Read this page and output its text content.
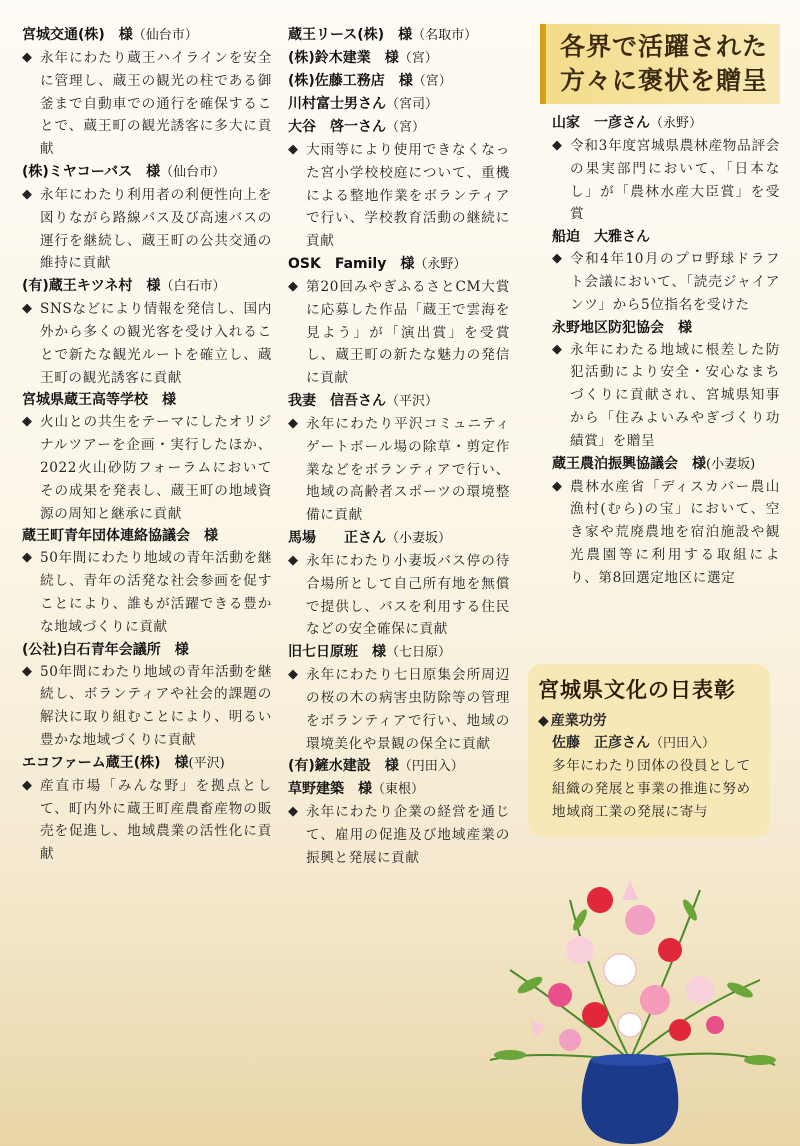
宮城交通(株)　様（仙台市）
◆ 永年にわたり蔵王ハイラインを安全に管理し、蔵王の観光の柱である御釜まで自動車での通行を確保することで、蔵王町の観光誘客に多大に貢献
(株)ミヤコーバス　様（仙台市）
◆ 永年にわたり利用者の利便性向上を図りながら路線バス及び高速バスの運行を継続し、蔵王町の公共交通の維持に貢献
(有)蔵王キツネ村　様（白石市）
◆ SNSなどにより情報を発信し、国内外から多くの観光客を受け入れることで新たな観光ルートを確立し、蔵王町の観光誘客に貢献
宮城県蔵王高等学校　様
◆ 火山との共生をテーマにしたオリジナルツアーを企画・実行したほか、2022火山砂防フォーラムにおいてその成果を発表し、蔵王町の地域資源の周知と継承に貢献
蔵王町青年団体連絡協議会　様
◆ 50年間にわたり地域の青年活動を継続し、青年の活発な社会参画を促すことにより、誰もが活躍できる豊かな地域づくりに貢献
(公社)白石青年会議所　様
◆ 50年間にわたり地域の青年活動を継続し、ボランティアや社会的課題の解決に取り組むことにより、明るい豊かな地域づくりに貢献
エコファーム蔵王(株)　様(平沢)
◆ 産直市場「みんな野」を拠点として、町内外に蔵王町産農畜産物の販売を促進し、地域農業の活性化に貢献
蔵王リース(株)　様（名取市）
(株)鈴木建業　様（宮）
(株)佐藤工務店　様（宮）
川村富士男さん（宮司）
大谷　啓一さん（宮）
◆ 大雨等により使用できなくなった宮小学校校庭について、重機による整地作業をボランティアで行い、学校教育活動の継続に貢献
OSK　Family　様（永野）
◆ 第20回みやぎふるさとCM大賞に応募した作品「蔵王で雲海を見よう」が「演出賞」を受賞し、蔵王町の新たな魅力の発信に貢献
我妻　信吾さん（平沢）
◆ 永年にわたり平沢コミュニティゲートボール場の除草・剪定作業などをボランティアで行い、地域の高齢者スポーツの環境整備に貢献
馬場　　正さん（小妻坂）
◆ 永年にわたり小妻坂バス停の待合場所として自己所有地を無償で提供し、バスを利用する住民などの安全確保に貢献
旧七日原班　様（七日原）
◆ 永年にわたり七日原集会所周辺の桜の木の病害虫防除等の管理をボランティアで行い、地域の環境美化や景観の保全に貢献
(有)鏟水建設　様（円田入）
草野建築　様（東根）
◆ 永年にわたり企業の経営を通じて、雇用の促進及び地域産業の振興と発展に貢献
各界で活躍された
方々に褒状を贈呈
山家　一彦さん（永野）
◆ 令和3年度宮城県農林産物品評会の果実部門において、「日本なし」が「農林水産大臣賞」を受賞
船迫　大雅さん
◆ 令和4年10月のプロ野球ドラフト会議において、「読売ジャイアンツ」から5位指名を受けた
永野地区防犯協会　様
◆ 永年にわたる地域に根差した防犯活動により安全・安心なまちづくりに貢献され、宮城県知事から「住みよいみやぎづくり功績賞」を贈呈
蔵王農泊振興協議会　様(小妻坂)
◆ 農林水産省「ディスカバー農山漁村(むら)の宝」において、空き家や荒廃農地を宿泊施設や観光農園等に利用する取組により、第8回選定地区に選定
宮城県文化の日表彰
◆ 産業功労
佐藤　正彦さん（円田入）
多年にわたり団体の役員として組織の発展と事業の推進に努め地域商工業の発展に寄与
